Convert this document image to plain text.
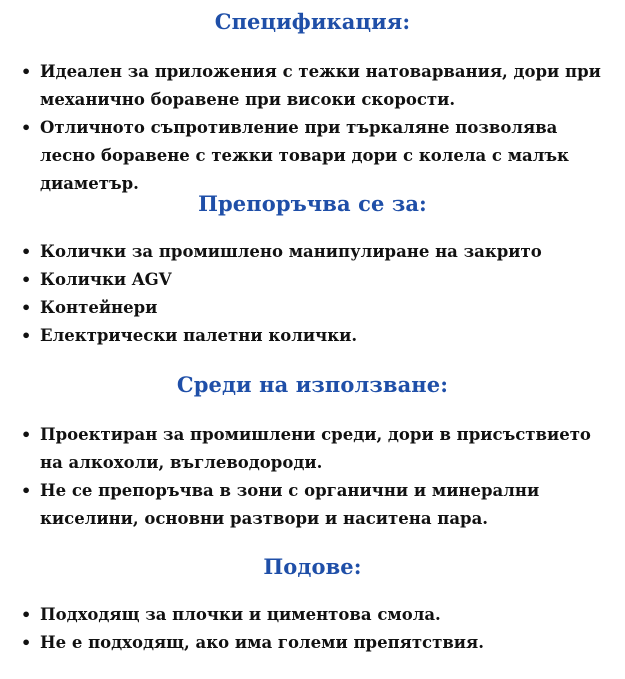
Спецификация:
• Идеален за приложения с тежки натоварвания, дори при механично боравене при високи скорости.
• Отличното съпротивление при търкаляне позволява лесно боравене с тежки товари дори с колела с малък диаметър.
Препоръчва се за:
• Колички за промишлено манипулиране на закрито
• Колички AGV
• Контейнери
• Електрически палетни колички.
Среди на използване:
• Проектиран за промишлени среди, дори в присъствието на алкохоли, въглеводороди.
• Не се препоръчва в зони с органични и минерални киселини, основни разтвори и наситена пара.
Подове:
• Подходящ за плочки и циментова смола.
• Не е подходящ, ако има големи препятствия.
